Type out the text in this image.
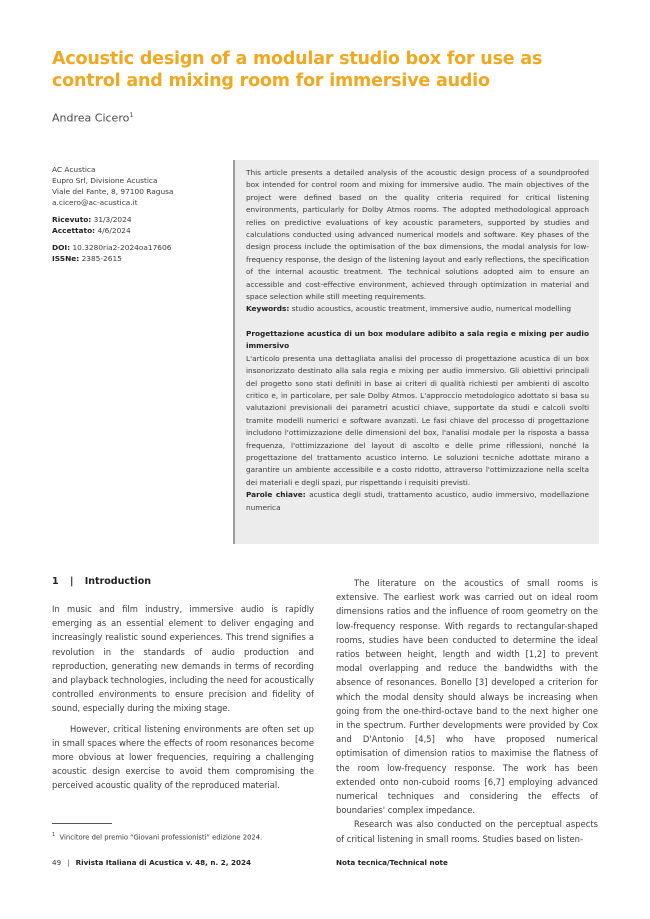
Acoustic design of a modular studio box for use as control and mixing room for immersive audio
Andrea Cicero$^1$
AC Acustica
Eupro Srl, Divisione Acustica
Viale del Fante, 8, 97100 Ragusa
a.cicero@ac-acustica.it
Ricevuto: 31/3/2024
Accettato: 4/6/2024
DOI: 10.3280ria2-2024oa17606
ISSNe: 2385-2615

This article presents a detailed analysis of the acoustic design process of a soundproofed box intended for control room and mixing for immersive audio. The main objectives of the project were defined based on the quality criteria required for critical listening environments, particularly for Dolby Atmos rooms. The adopted methodological approach relies on predictive evaluations of key acoustic parameters, supported by studies and calculations conducted using advanced numerical models and software. Key phases of the design process include the optimisation of the box dimensions, the modal analysis for low-frequency response, the design of the listening layout and early reflections, the specification of the internal acoustic treatment. The technical solutions adopted aim to ensure an accessible and cost-effective environment, achieved through optimization in material and space selection while still meeting requirements.

Keywords: studio acoustics, acoustic treatment, immersive audio, numerical modelling

Progettazione acustica di un box modulare adibito a sala regia e mixing per audio immersivo

L'articolo presenta una dettagliata analisi del processo di progettazione acustica di un box insonorizzato destinato alla sala regia e mixing per audio immersivo. Gli obiettivi principali del progetto sono stati definiti in base ai criteri di qualità richiesti per ambienti di ascolto critico e, in particolare, per sale Dolby Atmos. L'approccio metodologico adottato si basa su valutazioni previsionali dei parametri acustici chiave, supportate da studi e calcoli svolti tramite modelli numerici e software avanzati. Le fasi chiave del processo di progettazione includono l'ottimizzazione delle dimensioni del box, l'analisi modale per la risposta a bassa frequenza, l'ottimizzazione del layout di ascolto e delle prime riflessioni, nonché la progettazione del trattamento acustico interno. Le soluzioni tecniche adottate mirano a garantire un ambiente accessibile e a costo ridotto, attraverso l'ottimizzazione nella scelta dei materiali e degli spazi, pur rispettando i requisiti previsti.

Parole chiave: acustica degli studi, trattamento acustico, audio immersivo, modellazione numerica

1 | Introduction

In music and film industry, immersive audio is rapidly emerging as an essential element to deliver engaging and increasingly realistic sound experiences. This trend signifies a revolution in the standards of audio production and reproduction, generating new demands in terms of recording and playback technologies, including the need for acoustically controlled environments to ensure precision and fidelity of sound, especially during the mixing stage.

However, critical listening environments are often set up in small spaces where the effects of room resonances become more obvious at lower frequencies, requiring a challenging acoustic design exercise to avoid them compromising the perceived acoustic quality of the reproduced material.

The literature on the acoustics of small rooms is extensive. The earliest work was carried out on ideal room dimensions ratios and the influence of room geometry on the low-frequency response. With regards to rectangular-shaped rooms, studies have been conducted to determine the ideal ratios between height, length and width [1,2] to prevent modal overlapping and reduce the bandwidths with the absence of resonances. Bonello [3] developed a criterion for which the modal density should always be increasing when going from the one-third-octave band to the next higher one in the spectrum. Further developments were provided by Cox and D'Antonio [4,5] who have proposed numerical optimisation of dimension ratios to maximise the flatness of the room low-frequency response. The work has been extended onto non-cuboid rooms [6,7] employing advanced numerical techniques and considering the effects of boundaries' complex impedance.

Research was also conducted on the perceptual aspects of critical listening in small rooms. Studies based on listen-

$^1$ Vincitore del premio “Giovani professionisti” edizione 2024.
49 | Rivista Italiana di Acustica v. 48, n. 2, 2024	Nota tecnica/Technical note
